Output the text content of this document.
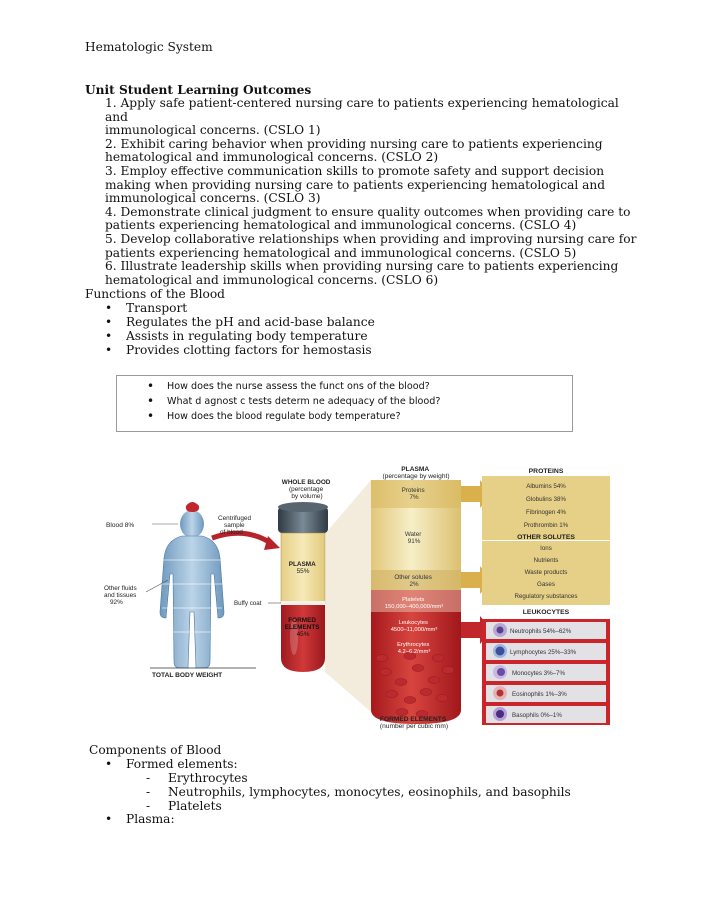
Hematologic System
Unit Student Learning Outcomes
1. Apply safe patient-centered nursing care to patients experiencing hematological and
immunological concerns. (CSLO 1)
2. Exhibit caring behavior when providing nursing care to patients experiencing
hematological and immunological concerns. (CSLO 2)
3. Employ effective communication skills to promote safety and support decision
making when providing nursing care to patients experiencing hematological and
immunological concerns. (CSLO 3)
4. Demonstrate clinical judgment to ensure quality outcomes when providing care to
patients experiencing hematological and immunological concerns. (CSLO 4)
5. Develop collaborative relationships when providing and improving nursing care for
patients experiencing hematological and immunological concerns. (CSLO 5)
6. Illustrate leadership skills when providing nursing care to patients experiencing
hematological and immunological concerns. (CSLO 6)
Functions of the Blood
• Transport
• Regulates the pH and acid-base balance
• Assists in regulating body temperature
• Provides clotting factors for hemostasis
• How does the nurse assess the funct ons of the blood?
• What d agnost c tests determ ne adequacy of the blood?
• How does the blood regulate body temperature?
Blood 8%
Other fluids and tissues 92%
TOTAL BODY WEIGHT
Centrifuged sample of blood
PLASMA 55%
FORMED ELEMENTS 45%
Buffy coat
WHOLE BLOOD (percentage by volume)
PLASMA (percentage by weight)
Proteins 7%
Water 91%
Other solutes 2%
Platelets 150,000–400,000/mm³
Leukocytes 4500–11,000/mm³
Erythrocytes 4.2–6.2/mm³
FORMED ELEMENTS (number per cubic mm)
PROTEINS
Albumins 54%
Globulins 38%
Fibrinogen 4%
Prothrombin 1%
OTHER SOLUTES
Ions
Nutrients
Waste products
Gases
Regulatory substances
LEUKOCYTES
Neutrophils 54%–62%
Lymphocytes 25%–33%
Monocytes 3%–7%
Eosinophils 1%–3%
Basophils 0%–1%
Components of Blood
• Formed elements:
- Erythrocytes
- Neutrophils, lymphocytes, monocytes, eosinophils, and basophils
- Platelets
• Plasma:
